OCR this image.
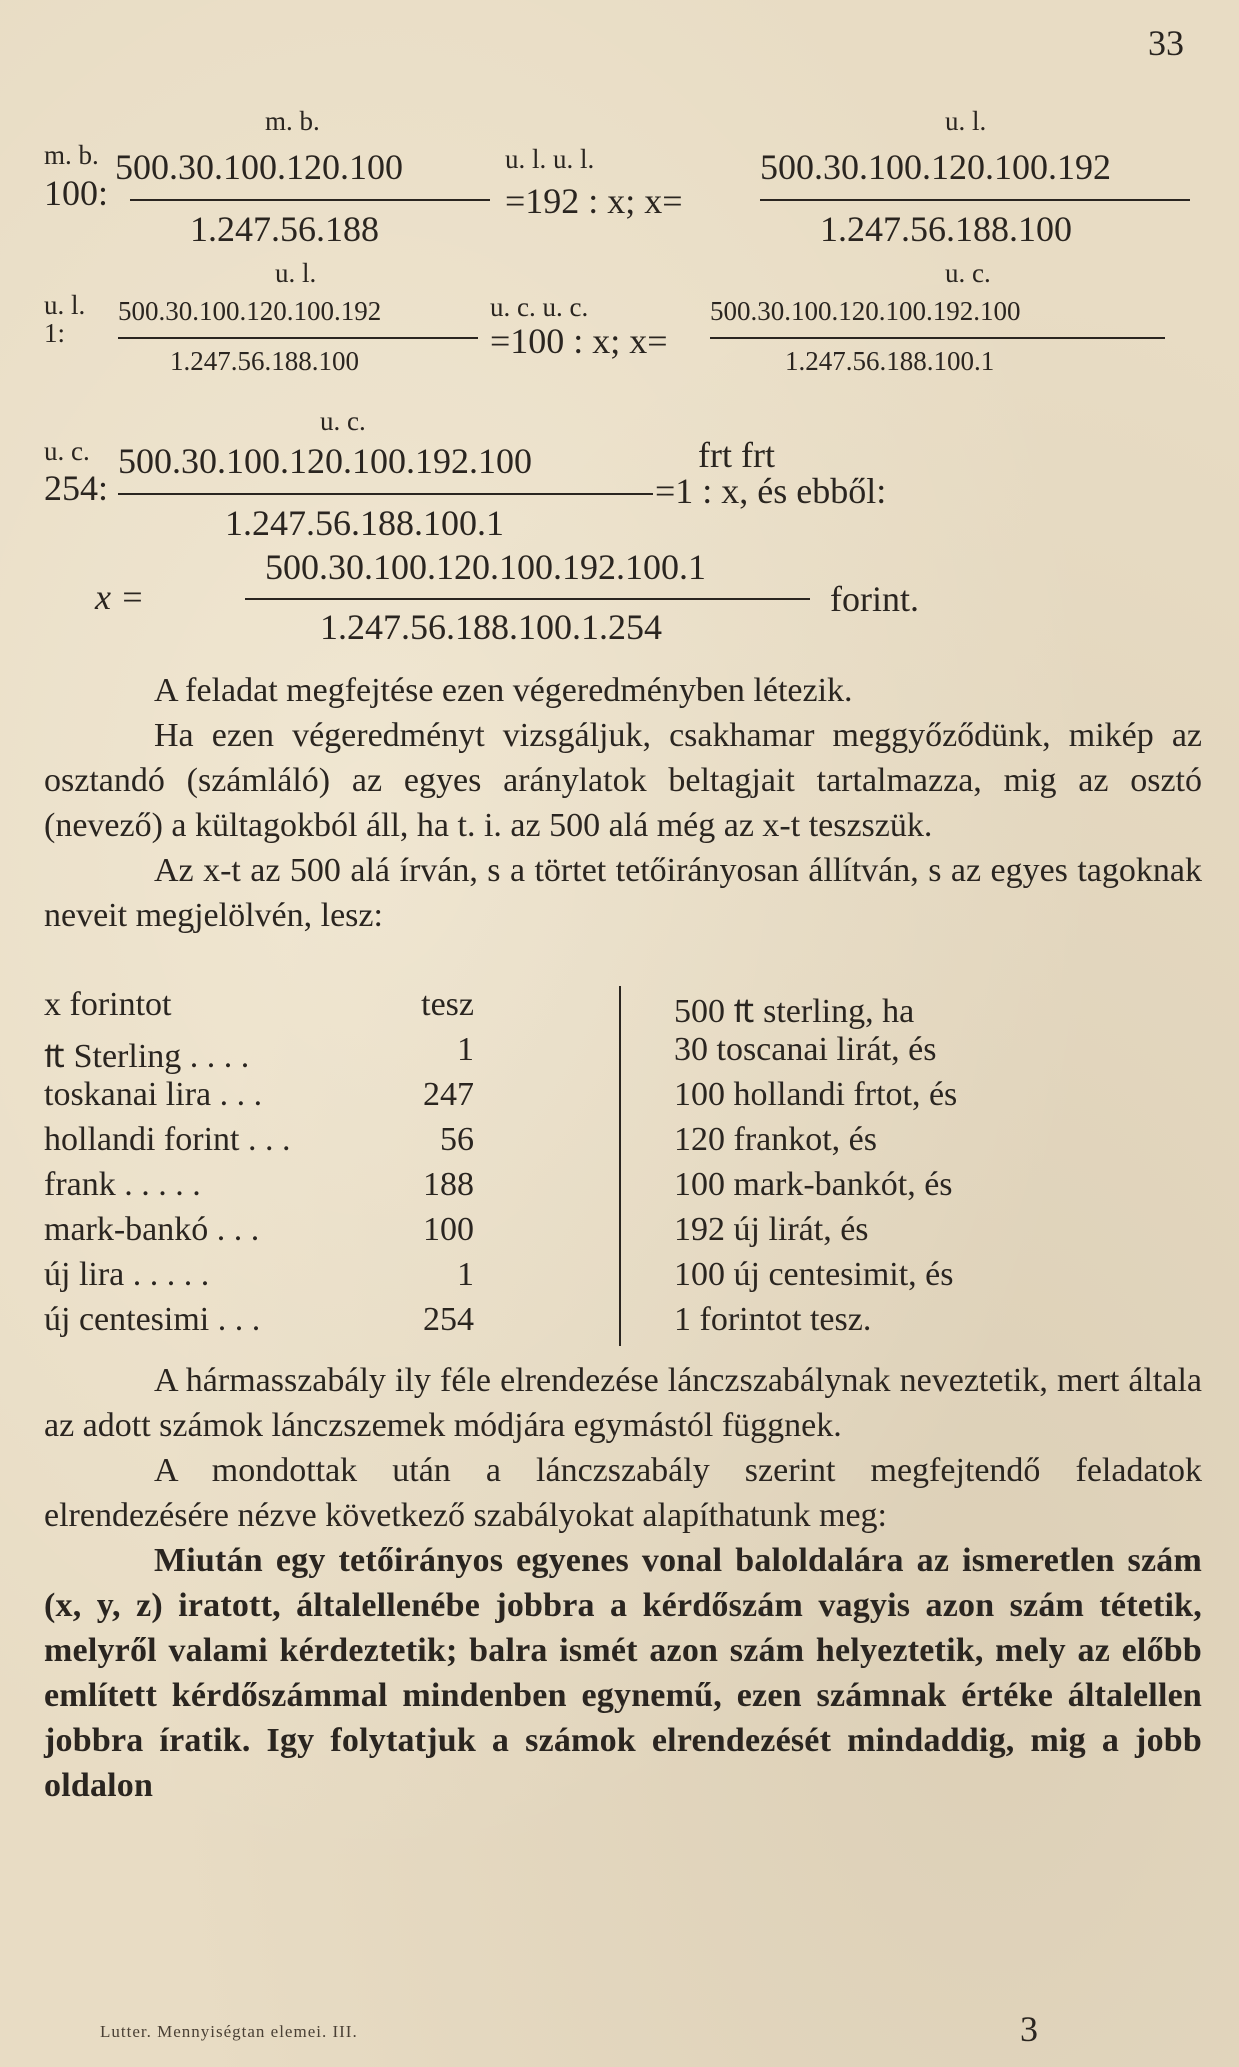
33
m. b.	u. l.
m. b. 500.30.100.120.100
100:
1.247.56.188
u. l. u. l.
=192 : x; x=
500.30.100.120.100.192
1.247.56.188.100
u. l.	u. c.
u. l.
1:
500.30.100.120.100.192
1.247.56.188.100
u. c. u. c.
=100 : x; x=
500.30.100.120.100.192.100
1.247.56.188.100.1
u. c.
u. c.
254:
500.30.100.120.100.192.100
1.247.56.188.100.1
frt frt
=1 : x, és ebből:
x =
500.30.100.120.100.192.100.1
1.247.56.188.100.1.254
forint.

A feladat megfejtése ezen végeredményben létezik.

Ha ezen végeredményt vizsgáljuk, csakhamar meggyőződünk, mikép az osztandó (számláló) az egyes aránylatok beltagjait tartalmazza, mig az osztó (nevező) a kültagokból áll, ha t. i. az 500 alá még az x-t teszszük.

Az x-t az 500 alá írván, s a törtet tetőirányosan állítván, s az egyes tagoknak neveit megjelölvén, lesz:

x forintot	tesz	500 ₶ sterling, ha
₶ Sterling . . . .	1	30 toscanai lirát, és
toskanai lira . . .	247	100 hollandi frtot, és
hollandi forint . . .	56	120 frankot, és
frank . . . . .	188	100 mark-bankót, és
mark-bankó . . .	100	192 új lirát, és
új lira . . . . .	1	100 új centesimit, és
új centesimi . . .	254	1 forintot tesz.

A hármasszabály ily féle elrendezése lánczszabálynak neveztetik, mert általa az adott számok lánczszemek módjára egymástól függnek.

A mondottak után a lánczszabály szerint megfejtendő feladatok elrendezésére nézve következő szabályokat alapíthatunk meg:

Miután egy tetőirányos egyenes vonal baloldalára az ismeretlen szám (x, y, z) iratott, általellenébe jobbra a kérdőszám vagyis azon szám tétetik, melyről valami kérdeztetik; balra ismét azon szám helyeztetik, mely az előbb említett kérdőszámmal mindenben egynemű, ezen számnak értéke általellen jobbra íratik. Igy folytatjuk a számok elrendezését mindaddig, mig a jobb oldalon

Lutter. Mennyiségtan elemei. III.	3
